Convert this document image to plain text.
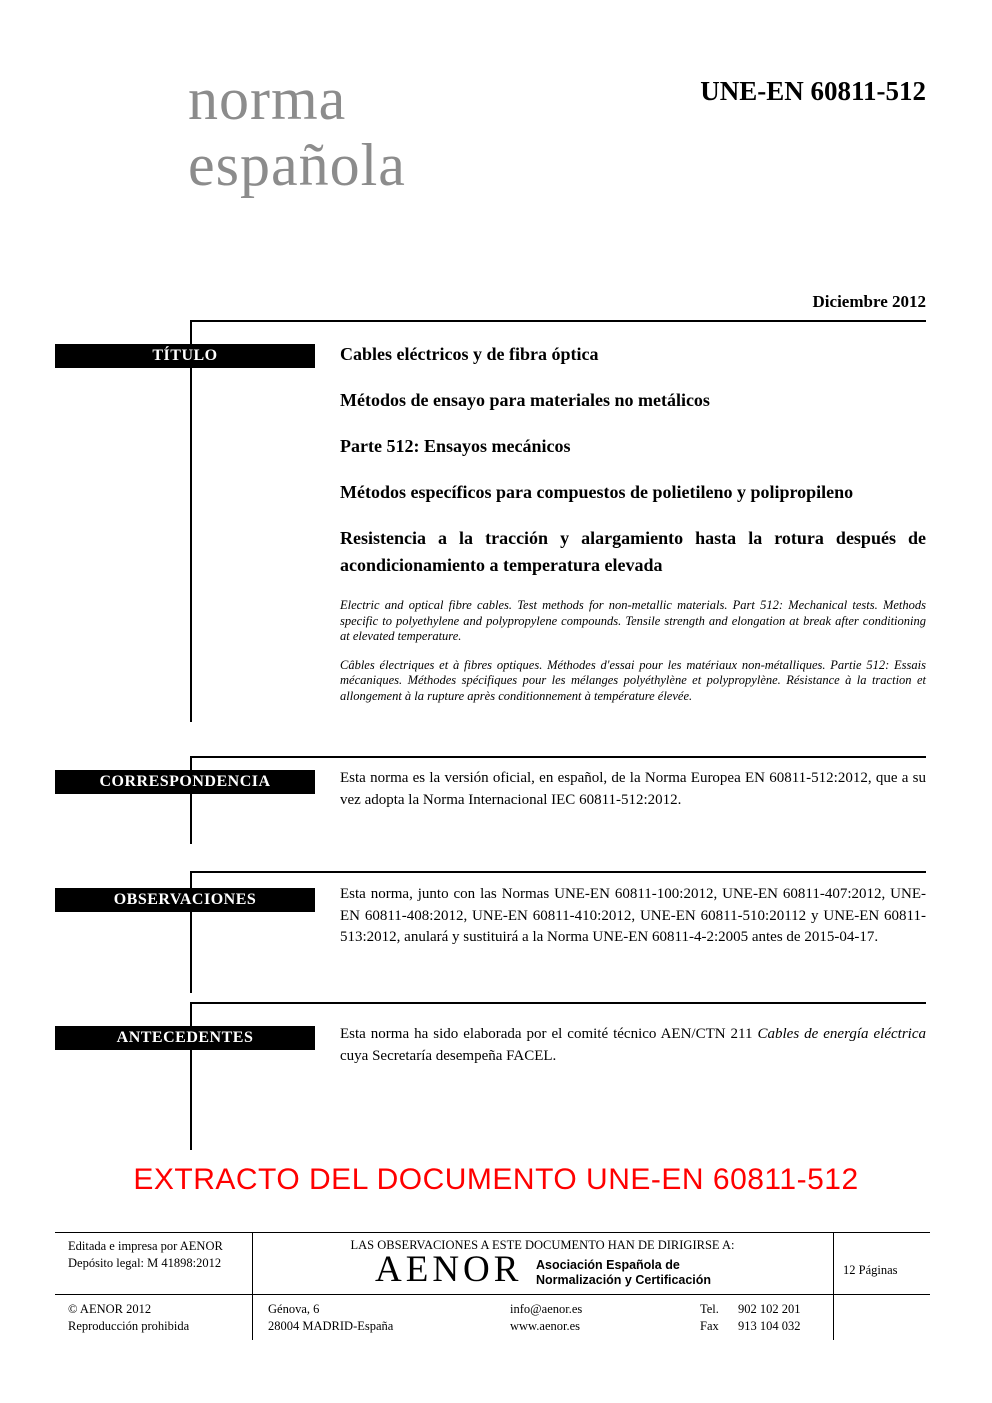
norma
española
UNE-EN 60811-512
Diciembre 2012
TÍTULO
CORRESPONDENCIA
OBSERVACIONES
ANTECEDENTES

Cables eléctricos y de fibra óptica

Métodos de ensayo para materiales no metálicos

Parte 512: Ensayos mecánicos

Métodos específicos para compuestos de polietileno y polipropileno

Resistencia a la tracción y alargamiento hasta la rotura después de acondicionamiento a temperatura elevada

Electric and optical fibre cables. Test methods for non-metallic materials. Part 512: Mechanical tests. Methods specific to polyethylene and polypropylene compounds. Tensile strength and elongation at break after conditioning at elevated temperature.

Câbles électriques et à fibres optiques. Méthodes d'essai pour les matériaux non-métalliques. Partie 512: Essais mécaniques. Méthodes spécifiques pour les mélanges polyéthylène et polypropylène. Résistance à la traction et allongement à la rupture après conditionnement à température élevée.

Esta norma es la versión oficial, en español, de la Norma Europea EN 60811-512:2012, que a su vez adopta la Norma Internacional IEC 60811-512:2012.

Esta norma, junto con las Normas UNE-EN 60811-100:2012, UNE-EN 60811-407:2012, UNE-EN 60811-408:2012, UNE-EN 60811-410:2012, UNE-EN 60811-510:20112 y UNE-EN 60811-513:2012, anulará y sustituirá a la Norma UNE-EN 60811-4-2:2005 antes de 2015-04-17.

Esta norma ha sido elaborada por el comité técnico AEN/CTN 211 Cables de energía eléctrica cuya Secretaría desempeña FACEL.

EXTRACTO DEL DOCUMENTO UNE-EN 60811-512
Editada e impresa por AENOR
Depósito legal: M 41898:2012
© AENOR 2012
Reproducción prohibida
LAS OBSERVACIONES A ESTE DOCUMENTO HAN DE DIRIGIRSE A:
AENOR Asociación Española de
Normalización y Certificación
Génova, 6
28004 MADRID-España
info@aenor.es
www.aenor.es
Tel. 902 102 201
Fax 913 104 032
12 Páginas
